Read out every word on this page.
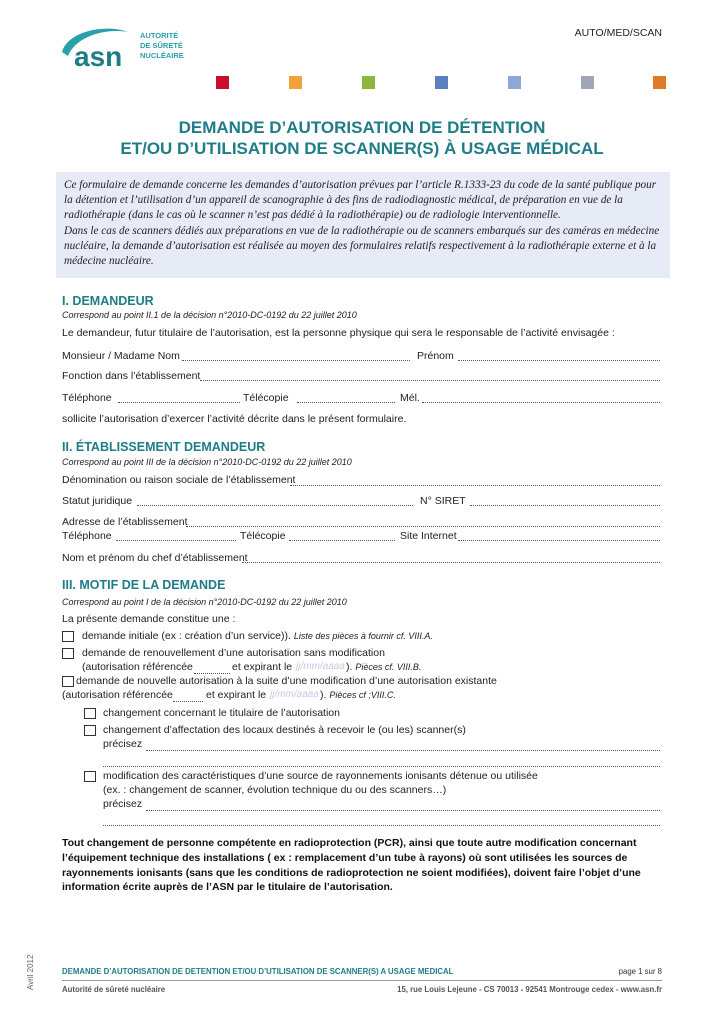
AUTO/MED/SCAN
asn
AUTORITÉ
DE SÛRETÉ
NUCLÉAIRE
DEMANDE D’AUTORISATION DE DÉTENTION
ET/OU D’UTILISATION DE SCANNER(S) À USAGE MÉDICAL

Ce formulaire de demande concerne les demandes d’autorisation prévues par l’article R.1333-23 du code de la santé publique pour la détention et l’utilisation d’un appareil de scanographie à des fins de radiodiagnostic médical, de préparation en vue de la radiothérapie (dans le cas où le scanner n’est pas dédié à la radiothérapie) ou de radiologie interventionnelle.

Dans le cas de scanners dédiés aux préparations en vue de la radiothérapie ou de scanners embarqués sur des caméras en médecine nucléaire, la demande d’autorisation est réalisée au moyen des formulaires relatifs respectivement à la radiothérapie externe et à la médecine nucléaire.

I. DEMANDEUR
Correspond au point II.1 de la décision n°2010-DC-0192 du 22 juillet 2010
Le demandeur, futur titulaire de l’autorisation, est la personne physique qui sera le responsable de l’activité envisagée :
Monsieur / Madame Nom	Prénom
Fonction dans l’établissement
Téléphone	Télécopie	Mél.
sollicite l’autorisation d’exercer l’activité décrite dans le présent formulaire.
II. ÉTABLISSEMENT DEMANDEUR
Correspond au point III de la décision n°2010-DC-0192 du 22 juillet 2010
Dénomination ou raison sociale de l’établissement
Statut juridique	N° SIRET
Adresse de l’établissement
Téléphone	Télécopie	Site Internet
Nom et prénom du chef d’établissement
III. MOTIF DE LA DEMANDE
Correspond au point I de la décision n°2010-DC-0192 du 22 juillet 2010
La présente demande constitue une :
demande initiale (ex : création d’un service)). Liste des pièces à fournir cf. VIII.A.
demande de renouvellement d’une autorisation sans modification
(autorisation référencée	et expirant le jj/mm/aaaa ). Pièces cf. VIII.B.
demande de nouvelle autorisation à la suite d’une modification d’une autorisation existante
(autorisation référencée	et expirant le jj/mm/aaaa ). Pièces cf ;VIII.C.
changement concernant le titulaire de l’autorisation
changement d’affectation des locaux destinés à recevoir le (ou les) scanner(s)
précisez
modification des caractéristiques d’une source de rayonnements ionisants détenue ou utilisée
(ex. : changement de scanner, évolution technique du ou des scanners…)
précisez
Tout changement de personne compétente en radioprotection (PCR), ainsi que toute autre modification concernant l’équipement technique des installations ( ex : remplacement d’un tube à rayons) où sont utilisées les sources de rayonnements ionisants (sans que les conditions de radioprotection ne soient modifiées), doivent faire l’objet d’une information écrite auprès de l’ASN par le titulaire de l’autorisation.
Avril 2012	DEMANDE D’AUTORISATION DE DETENTION ET/OU D’UTILISATION DE SCANNER(S) A USAGE MEDICAL	page 1 sur 8
Autorité de sûreté nucléaire	15, rue Louis Lejeune - CS 70013 - 92541 Montrouge cedex - www.asn.fr
